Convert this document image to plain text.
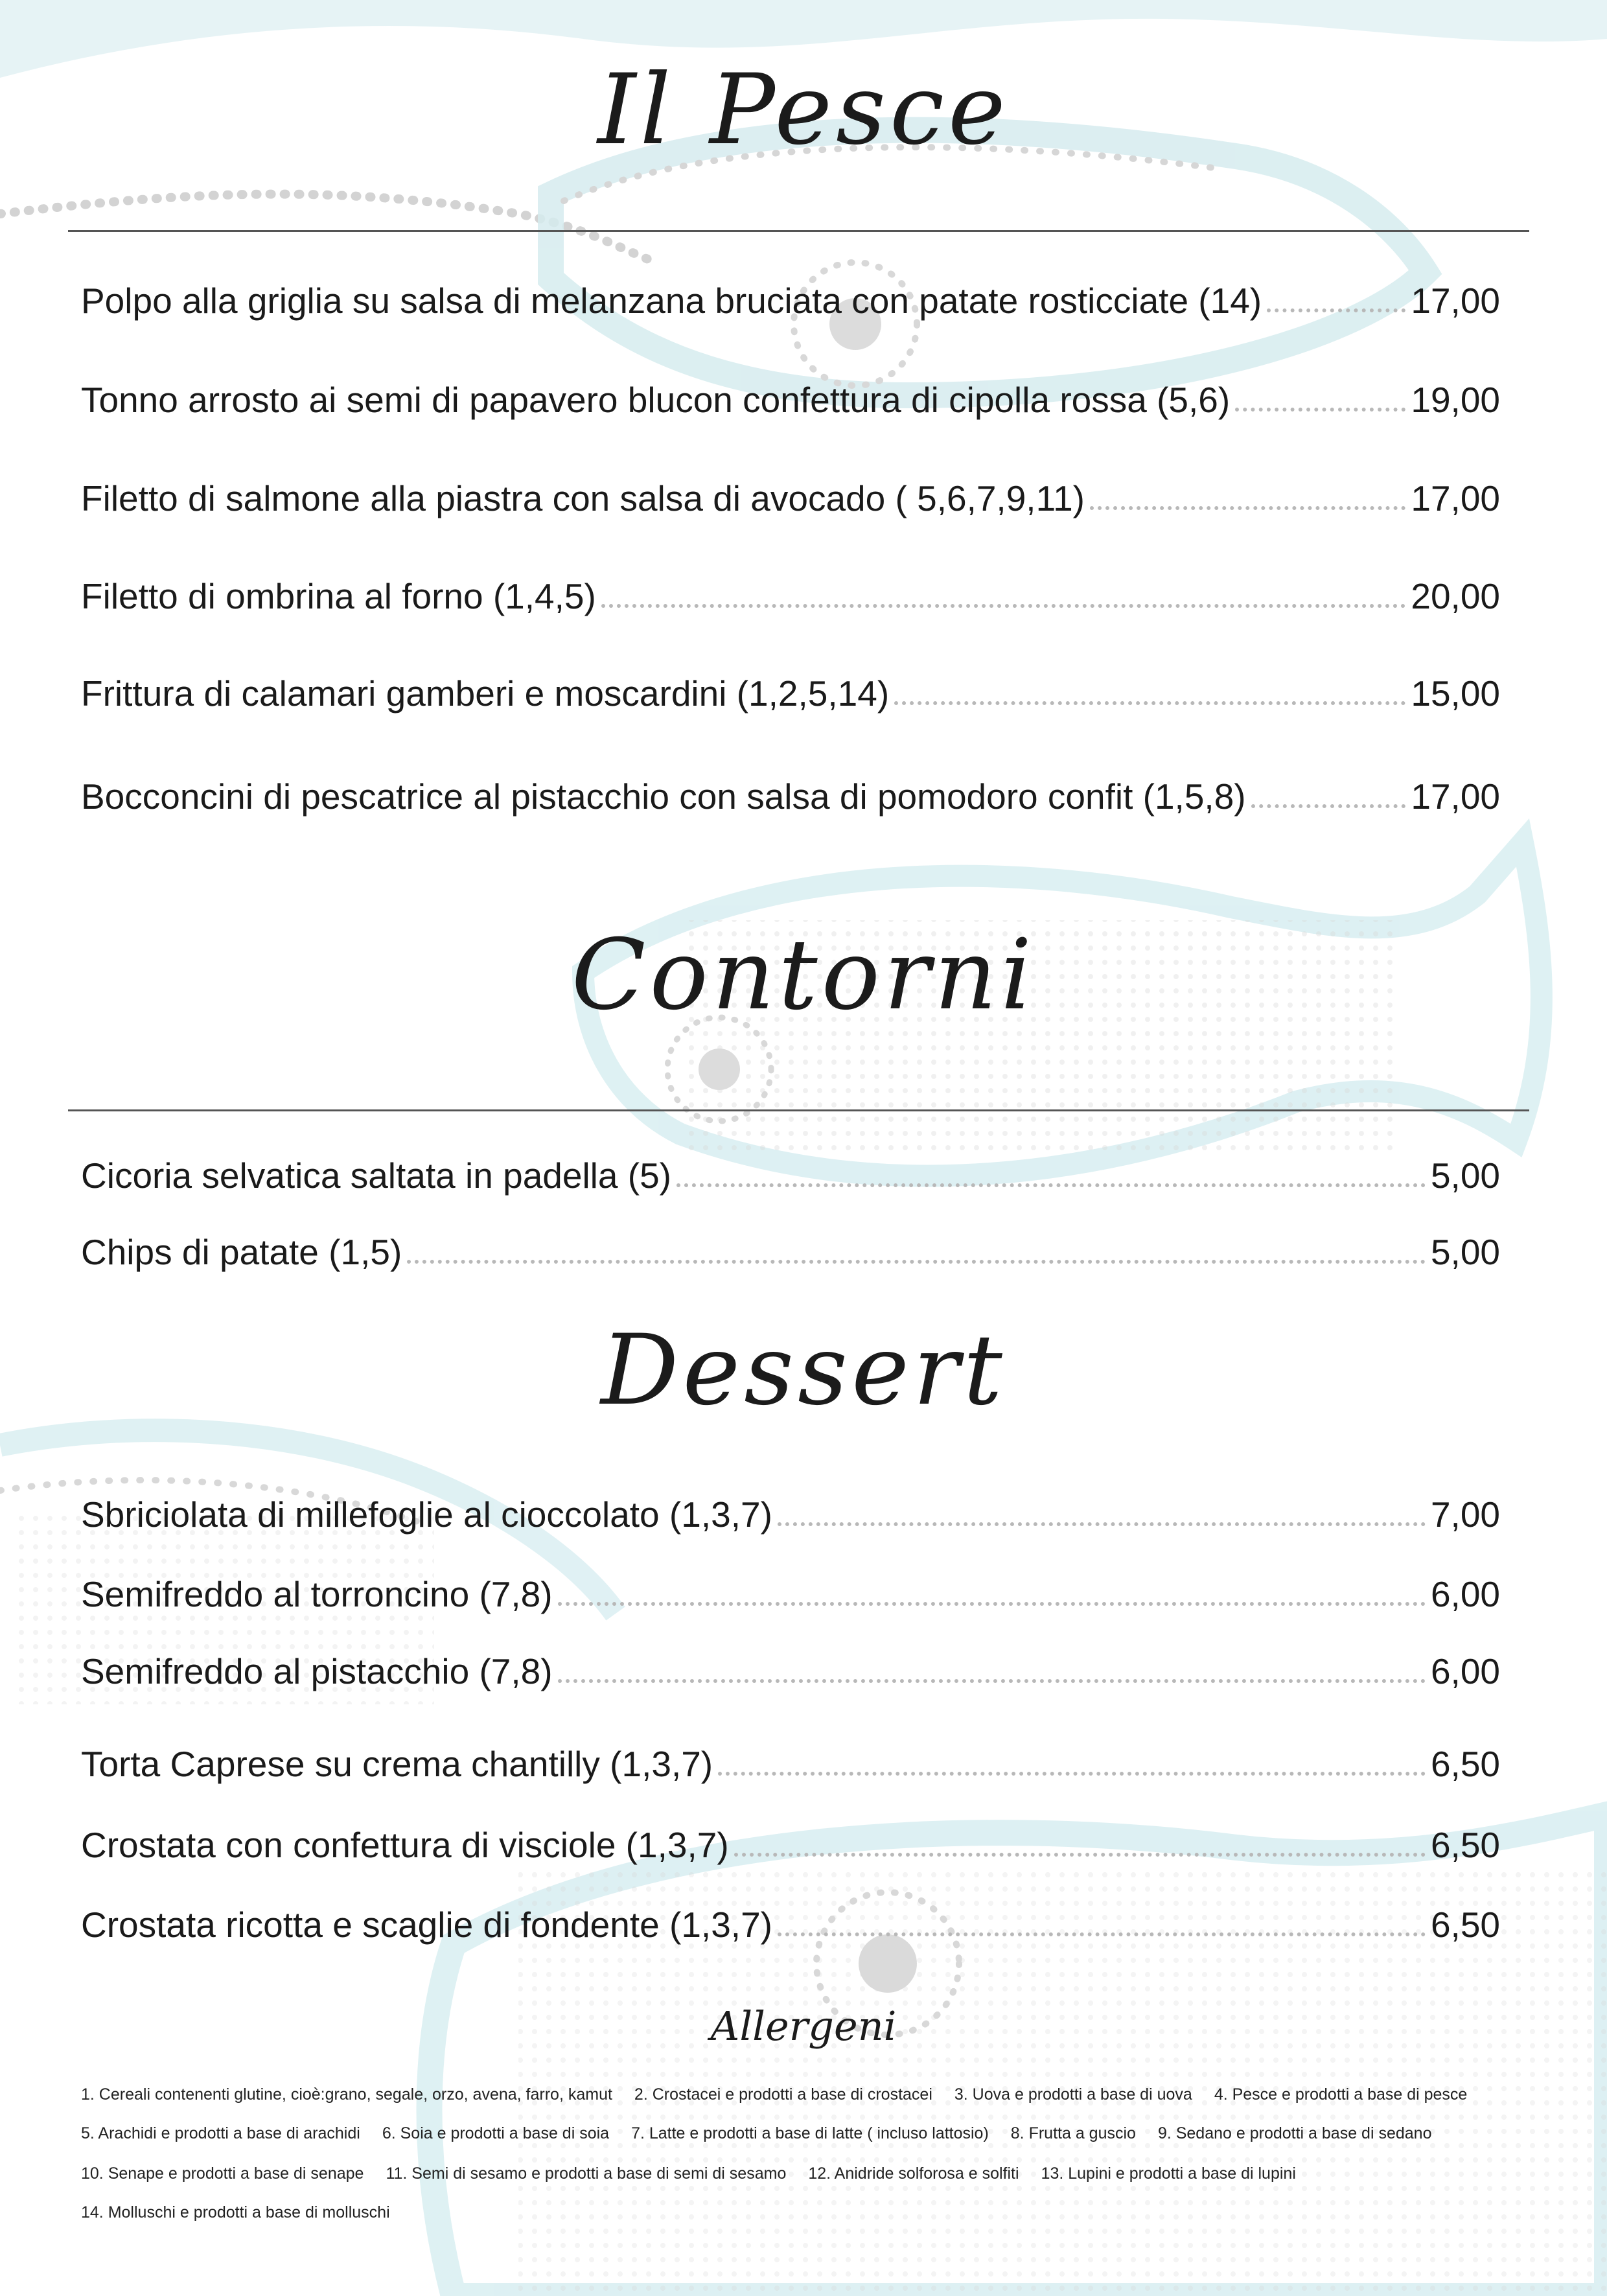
Il Pesce
Polpo alla griglia su salsa di melanzana bruciata con patate rosticciate (14)	17,00
Tonno arrosto ai semi di papavero blucon confettura di cipolla rossa (5,6)	19,00
Filetto di salmone alla piastra con salsa di avocado ( 5,6,7,9,11)	17,00
Filetto di ombrina al forno (1,4,5)	20,00
Frittura di calamari gamberi e moscardini (1,2,5,14)	15,00
Bocconcini di pescatrice al pistacchio con salsa di pomodoro confit (1,5,8)	17,00
Contorni
Cicoria selvatica saltata in padella (5)	5,00
Chips di patate (1,5)	5,00
Dessert
Sbriciolata di millefoglie al cioccolato (1,3,7)	7,00
Semifreddo al torroncino (7,8)	6,00
Semifreddo al pistacchio (7,8)	6,00
Torta Caprese su crema chantilly (1,3,7)	6,50
Crostata con confettura di visciole (1,3,7)	6,50
Crostata ricotta e scaglie di fondente (1,3,7)	6,50
Allergeni
1. Cereali contenenti glutine, cioè:grano, segale, orzo, avena, farro, kamut 2. Crostacei e prodotti a base di crostacei 3. Uova e prodotti a base di uova 4. Pesce e prodotti a base di pesce
5. Arachidi e prodotti a base di arachidi 6. Soia e prodotti a base di soia 7. Latte e prodotti a base di latte ( incluso lattosio) 8. Frutta a guscio 9. Sedano e prodotti a base di sedano
10. Senape e prodotti a base di senape 11. Semi di sesamo e prodotti a base di semi di sesamo 12. Anidride solforosa e solfiti 13. Lupini e prodotti a base di lupini
14. Molluschi e prodotti a base di molluschi
